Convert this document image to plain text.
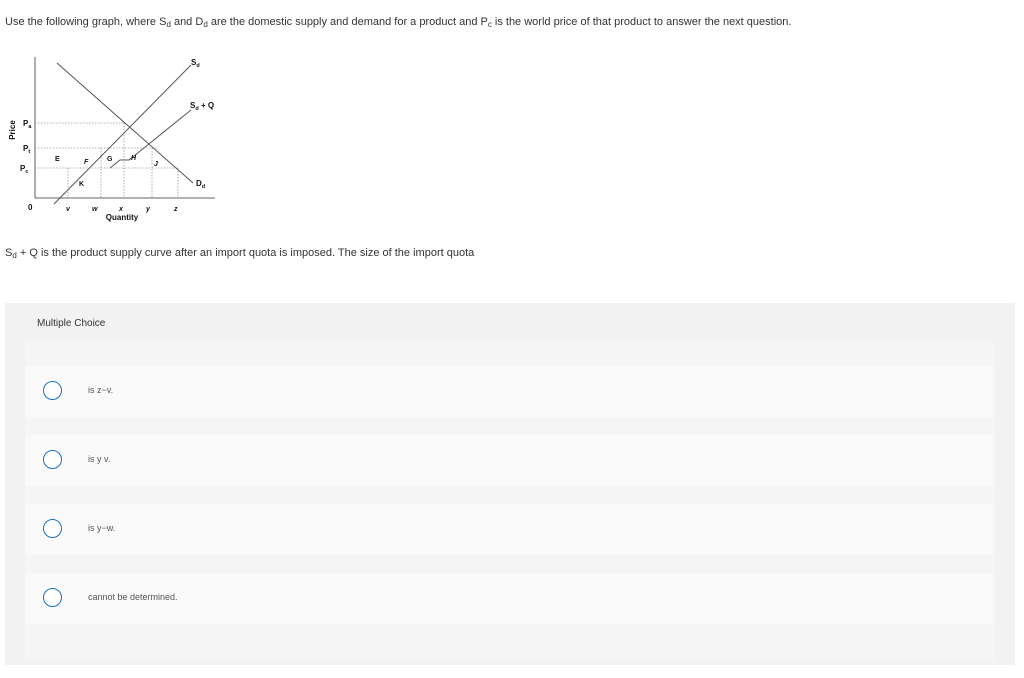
Use the following graph, where $S_d$ and $D_d$ are the domestic supply and demand for a product and $P_c$ is the world price of that product to answer the next question.
$S_d$
$S_d + Q$
$D_d$
Price $P_a$
$P_t$
$P_c$
0	v	w	x	y	z
Quantity
E	F	G	H
J
K
$S_d + Q$ is the product supply curve after an import quota is imposed. The size of the import quota
Multiple Choice
is z−v.
is y v.
is y−w.
cannot be determined.
